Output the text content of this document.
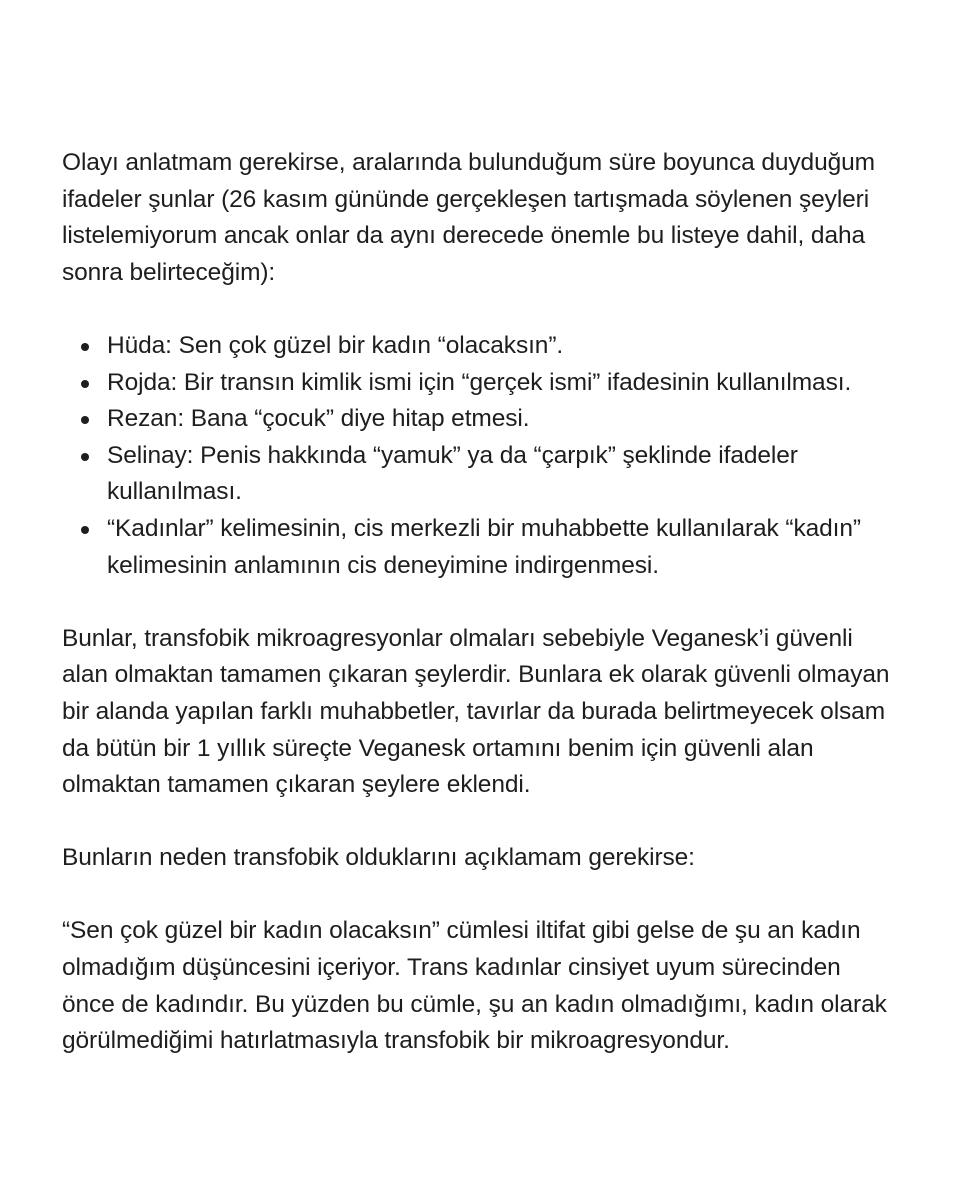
Olayı anlatmam gerekirse, aralarında bulunduğum süre boyunca duyduğum ifadeler şunlar (26 kasım gününde gerçekleşen tartışmada söylenen şeyleri listelemiyorum ancak onlar da aynı derecede önemle bu listeye dahil, daha sonra belirteceğim):

Hüda: Sen çok güzel bir kadın “olacaksın”.
Rojda: Bir transın kimlik ismi için “gerçek ismi” ifadesinin kullanılması.
Rezan: Bana “çocuk” diye hitap etmesi.
Selinay: Penis hakkında “yamuk” ya da “çarpık” şeklinde ifadeler kullanılması.
“Kadınlar” kelimesinin, cis merkezli bir muhabbette kullanılarak “kadın” kelimesinin anlamının cis deneyimine indirgenmesi.

Bunlar, transfobik mikroagresyonlar olmaları sebebiyle Veganesk’i güvenli alan olmaktan tamamen çıkaran şeylerdir. Bunlara ek olarak güvenli olmayan bir alanda yapılan farklı muhabbetler, tavırlar da burada belirtmeyecek olsam da bütün bir 1 yıllık süreçte Veganesk ortamını benim için güvenli alan olmaktan tamamen çıkaran şeylere eklendi.

Bunların neden transfobik olduklarını açıklamam gerekirse:

“Sen çok güzel bir kadın olacaksın” cümlesi iltifat gibi gelse de şu an kadın olmadığım düşüncesini içeriyor. Trans kadınlar cinsiyet uyum sürecinden önce de kadındır. Bu yüzden bu cümle, şu an kadın olmadığımı, kadın olarak görülmediğimi hatırlatmasıyla transfobik bir mikroagresyondur.
